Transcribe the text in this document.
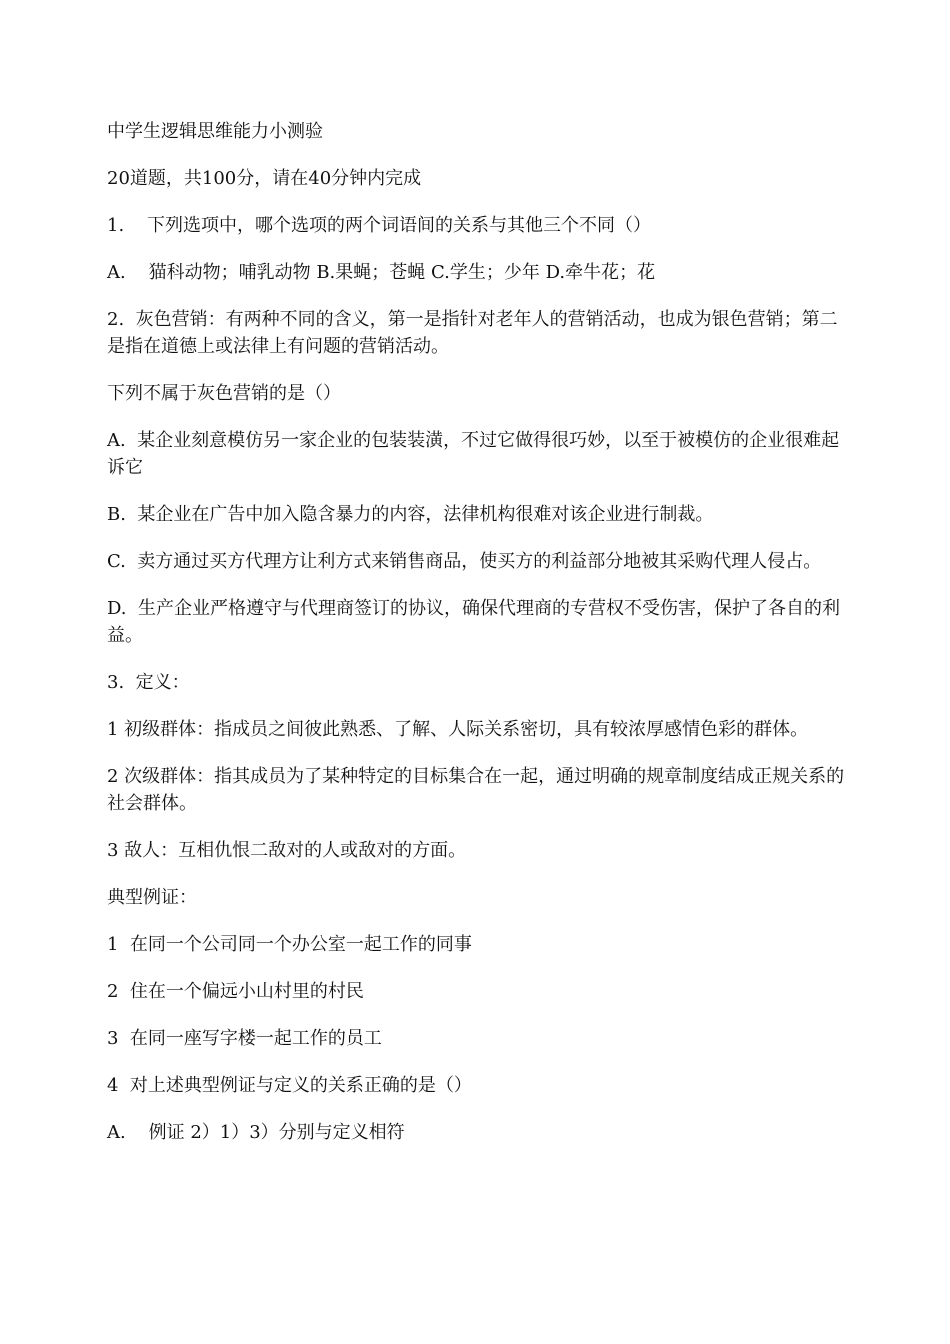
中学生逻辑思维能力小测验

20道题，共100分，请在40分钟内完成

1.    下列选项中，哪个选项的两个词语间的关系与其他三个不同（）

A.    猫科动物；哺乳动物 B.果蝇；苍蝇 C.学生；少年 D.牵牛花；花

2.  灰色营销：有两种不同的含义，第一是指针对老年人的营销活动，也成为银色营销；第二是指在道德上或法律上有问题的营销活动。

下列不属于灰色营销的是（）

A.  某企业刻意模仿另一家企业的包装装潢，不过它做得很巧妙，以至于被模仿的企业很难起诉它

B.  某企业在广告中加入隐含暴力的内容，法律机构很难对该企业进行制裁。

C.  卖方通过买方代理方让利方式来销售商品，使买方的利益部分地被其采购代理人侵占。

D.  生产企业严格遵守与代理商签订的协议，确保代理商的专营权不受伤害，保护了各自的利益。

3.  定义：

1 初级群体：指成员之间彼此熟悉、了解、人际关系密切，具有较浓厚感情色彩的群体。

2 次级群体：指其成员为了某种特定的目标集合在一起，通过明确的规章制度结成正规关系的社会群体。

3 敌人：互相仇恨二敌对的人或敌对的方面。

典型例证：

1  在同一个公司同一个办公室一起工作的同事

2  住在一个偏远小山村里的村民

3  在同一座写字楼一起工作的员工

4  对上述典型例证与定义的关系正确的是（）

A.    例证 2）1）3）分别与定义相符
